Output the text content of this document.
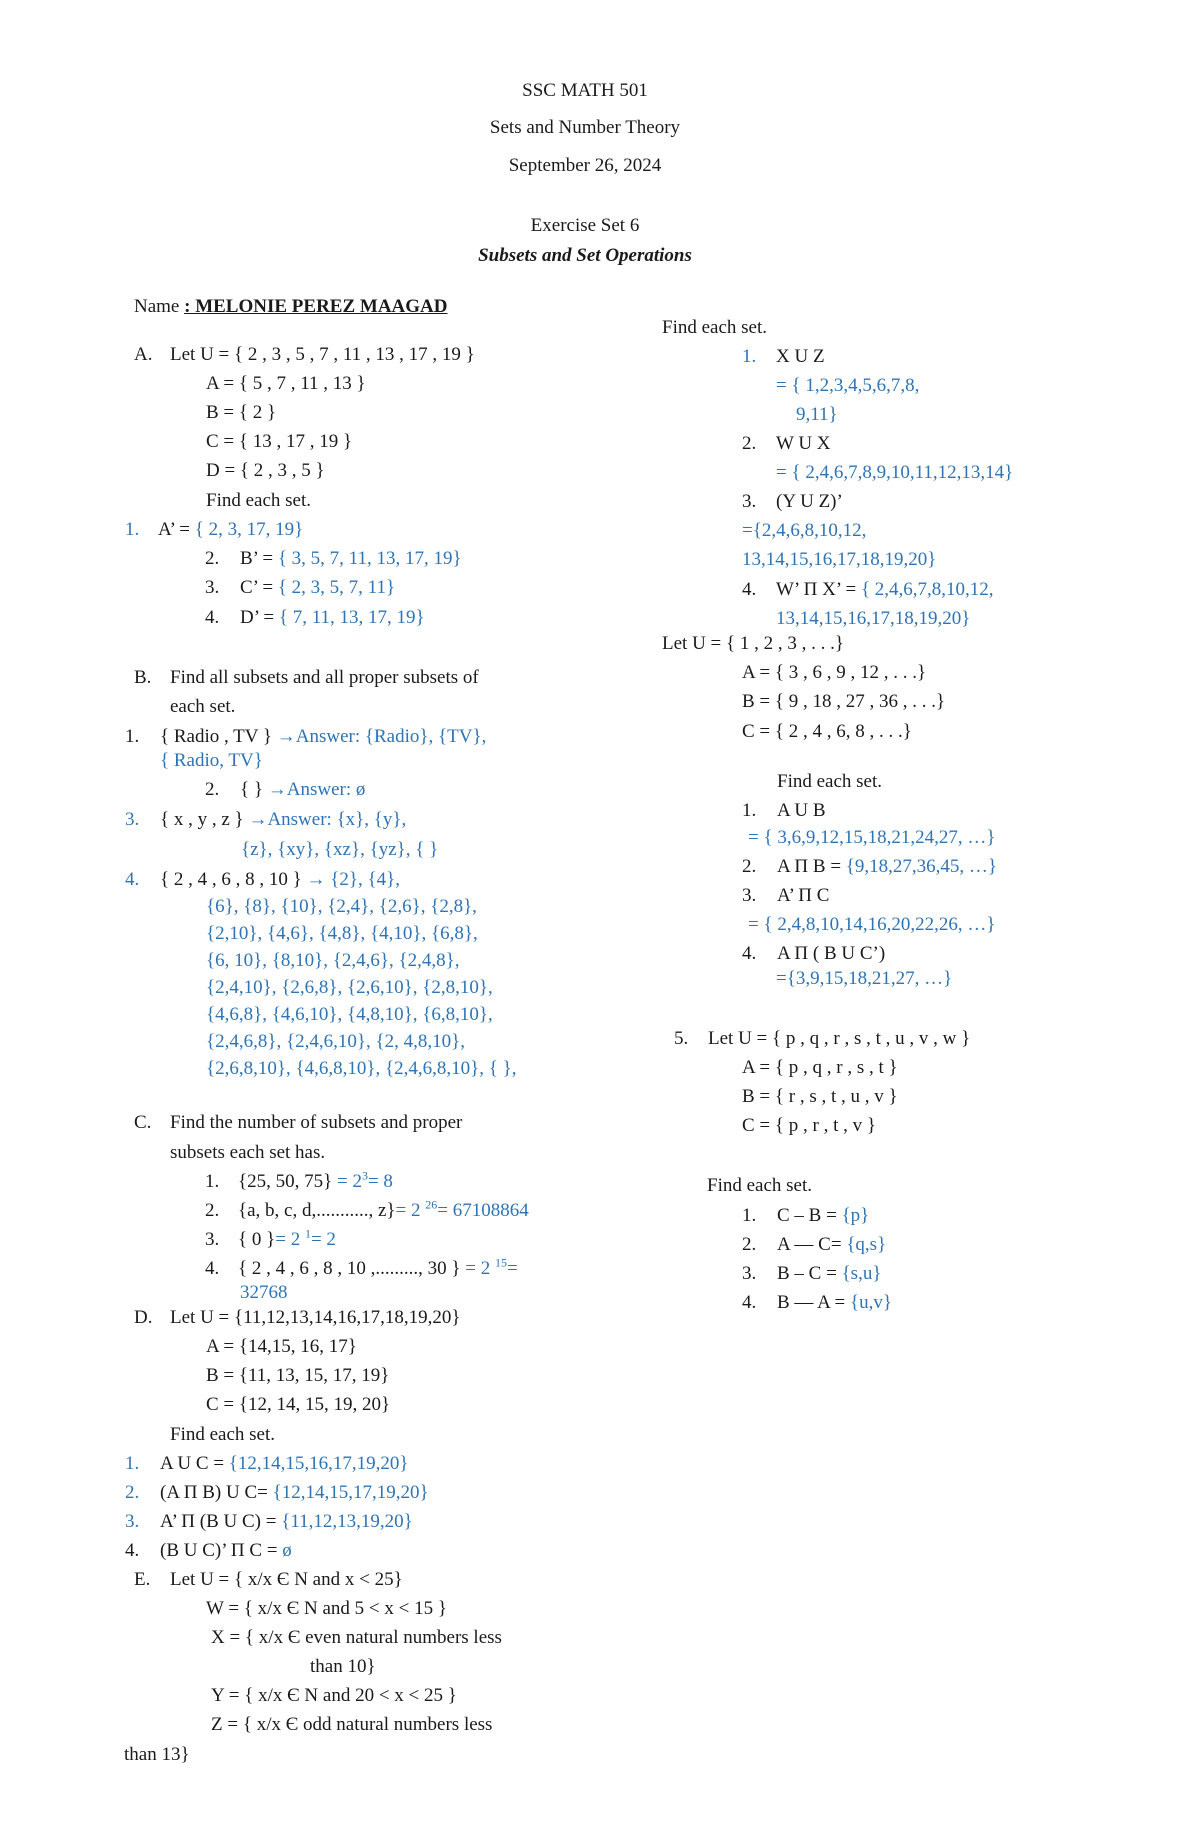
SSC MATH 501
Sets and Number Theory
September 26, 2024
Exercise Set 6
Subsets and Set Operations
Name : MELONIE PEREZ MAAGAD
A. Let U = { 2 , 3 , 5 , 7 , 11 , 13 , 17 , 19 }
A = { 5 , 7 , 11 , 13 }
B = { 2 }
C = { 13 , 17 , 19 }
D = { 2 , 3 , 5 }
Find each set.
1. A’ = { 2, 3, 17, 19}
2. B’ = { 3, 5, 7, 11, 13, 17, 19}
3. C’ = { 2, 3, 5, 7, 11}
4. D’ = { 7, 11, 13, 17, 19}
B. Find all subsets and all proper subsets of
each set.
1. { Radio , TV } →Answer: {Radio}, {TV},
{ Radio, TV}
2. { } →Answer: ø
3. { x , y , z } →Answer: {x}, {y},
{z}, {xy}, {xz}, {yz}, { }
4. { 2 , 4 , 6 , 8 , 10 } → {2}, {4},
{6}, {8}, {10}, {2,4}, {2,6}, {2,8},
{2,10}, {4,6}, {4,8}, {4,10}, {6,8},
{6, 10}, {8,10}, {2,4,6}, {2,4,8},
{2,4,10}, {2,6,8}, {2,6,10}, {2,8,10},
{4,6,8}, {4,6,10}, {4,8,10}, {6,8,10},
{2,4,6,8}, {2,4,6,10}, {2, 4,8,10},
{2,6,8,10}, {4,6,8,10}, {2,4,6,8,10}, { },
C. Find the number of subsets and proper
subsets each set has.
1. {25, 50, $75\} = 2^3= 8$
2. {a, b, c, d,..........., z}= 2 $^{26}$= 67108864
3. { 0 }= 2 $^1$= 2
4. { 2 , 4 , 6 , 8 , 10 ,........., 30 } = 2 $^{15}$=
32768
D. Let U = {11,12,13,14,16,17,18,19,20}
A = {14,15, 16, 17}
B = {11, 13, 15, 17, 19}
C = {12, 14, 15, 19, 20}
Find each set.
1. A U C = {12,14,15,16,17,19,20}
2. (A Π B) U C= {12,14,15,17,19,20}
3. A’ Π (B U C) = {11,12,13,19,20}
4. (B U C)’ Π C = ø
E. Let U = { x/x Є N and x < 25}
W = { x/x Є N and 5 < x < 15 }
X = { x/x Є even natural numbers less
than 10}
Y = { x/x Є N and 20 < x < 25 }
Z = { x/x Є odd natural numbers less
than 13}
Find each set.
1. X U Z
= { 1,2,3,4,5,6,7,8,
9,11}
2. W U X
= { 2,4,6,7,8,9,10,11,12,13,14}
3. (Y U Z)’
={2,4,6,8,10,12,
13,14,15,16,17,18,19,20}
4. W’ Π X’ = { 2,4,6,7,8,10,12,
13,14,15,16,17,18,19,20}
Let U = { 1 , 2 , 3 , . . .}
A = { 3 , 6 , 9 , 12 , . . .}
B = { 9 , 18 , 27 , 36 , . . .}
C = { 2 , 4 , 6, 8 , . . .}
Find each set.
1. A U B
= { 3,6,9,12,15,18,21,24,27, …}
2. A Π B = {9,18,27,36,45, …}
3. A’ Π C
= { 2,4,8,10,14,16,20,22,26, …}
4. A Π ( B U C’)
={3,9,15,18,21,27, …}
5. Let U = { p , q , r , s , t , u , v , w }
A = { p , q , r , s , t }
B = { r , s , t , u , v }
C = { p , r , t , v }
Find each set.
1. C – B = {p}
2. A — C= {q,s}
3. B – C = {s,u}
4. B — A = {u,v}
